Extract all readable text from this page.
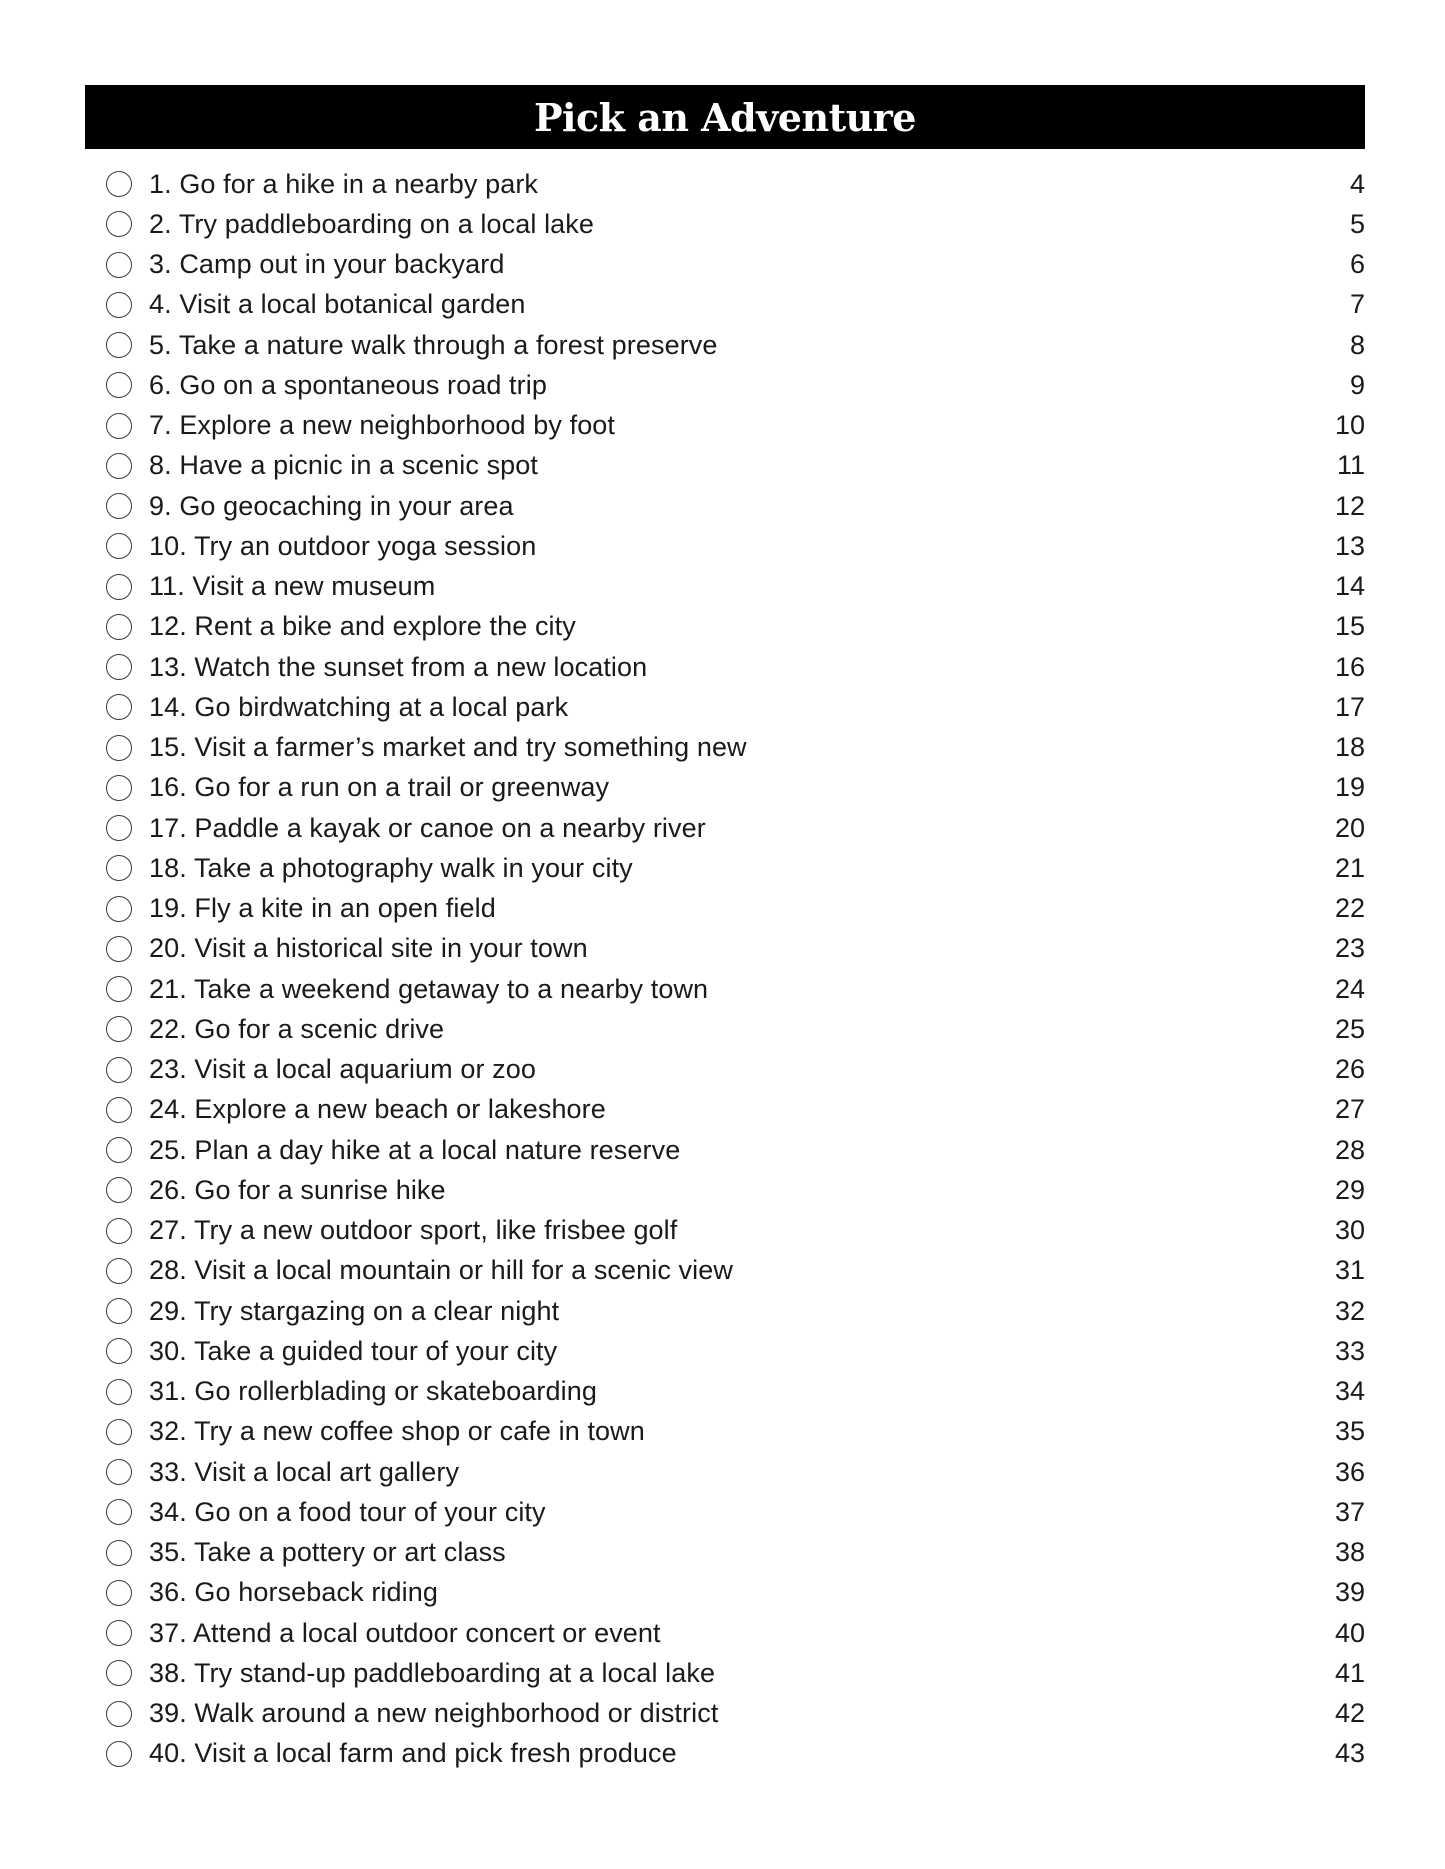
Pick an Adventure
1. Go for a hike in a nearby park	4
2. Try paddleboarding on a local lake	5
3. Camp out in your backyard	6
4. Visit a local botanical garden	7
5. Take a nature walk through a forest preserve	8
6. Go on a spontaneous road trip	9
7. Explore a new neighborhood by foot	10
8. Have a picnic in a scenic spot	11
9. Go geocaching in your area	12
10. Try an outdoor yoga session	13
11. Visit a new museum	14
12. Rent a bike and explore the city	15
13. Watch the sunset from a new location	16
14. Go birdwatching at a local park	17
15. Visit a farmer’s market and try something new	18
16. Go for a run on a trail or greenway	19
17. Paddle a kayak or canoe on a nearby river	20
18. Take a photography walk in your city	21
19. Fly a kite in an open field	22
20. Visit a historical site in your town	23
21. Take a weekend getaway to a nearby town	24
22. Go for a scenic drive	25
23. Visit a local aquarium or zoo	26
24. Explore a new beach or lakeshore	27
25. Plan a day hike at a local nature reserve	28
26. Go for a sunrise hike	29
27. Try a new outdoor sport, like frisbee golf	30
28. Visit a local mountain or hill for a scenic view	31
29. Try stargazing on a clear night	32
30. Take a guided tour of your city	33
31. Go rollerblading or skateboarding	34
32. Try a new coffee shop or cafe in town	35
33. Visit a local art gallery	36
34. Go on a food tour of your city	37
35. Take a pottery or art class	38
36. Go horseback riding	39
37. Attend a local outdoor concert or event	40
38. Try stand-up paddleboarding at a local lake	41
39. Walk around a new neighborhood or district	42
40. Visit a local farm and pick fresh produce	43
